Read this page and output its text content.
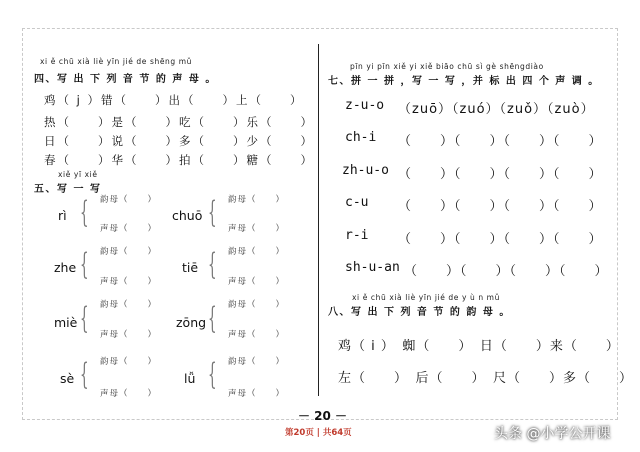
xi ě chū xià liè yīn jié de shēng mǔ
四、写 出 下 列 音 节 的 声 母 。
鸡（ j ）错（　　）出（　　）上（　　）
热（　　）是（　　）吃（　　）乐（　　）
日（　　）说（　　）多（　　）少（　　）
春（　　）华（　　）拍（　　）糖（　　）
xiě yī xiě
五、写 一 写
rì { 韵母（　　）
声母（　　）
chuō { 韵母（　　）
声母（　　）
zhe { 韵母（　　）
声母（　　）
tiē { 韵母（　　）
声母（　　）
miè { 韵母（　　）
声母（　　）
zōng { 韵母（　　）
声母（　　）
sè { 韵母（　　）
声母（　　）
lǚ { 韵母（　　）
声母（　　）
pīn yi pīn xiě yi xiě biāo chū sì gè shēngdiào
七、拼 一 拼 ，写 一 写 ，并 标 出 四 个 声 调 。
z-u-o （zuō）（zuó）（zuǒ）（zuò）
ch-i （　　）（　　）（　　）（　　）
zh-u-o （　　）（　　）（　　）（　　）
c-u （　　）（　　）（　　）（　　）
r-i （　　）（　　）（　　）（　　）
sh-u-an （　　）（　　）（　　）（　　）
xi ě chū xià liè yīn jié de y ù n mǔ
八、写 出 下 列 音 节 的 韵 母 。
鸡（ i ）　蜘（　　）　日（　　）来（　　）
左（　　）　后（　　）　尺（　　）多（　　）
－ 20 －
第20页 | 共64页	头条 @小学公开课
